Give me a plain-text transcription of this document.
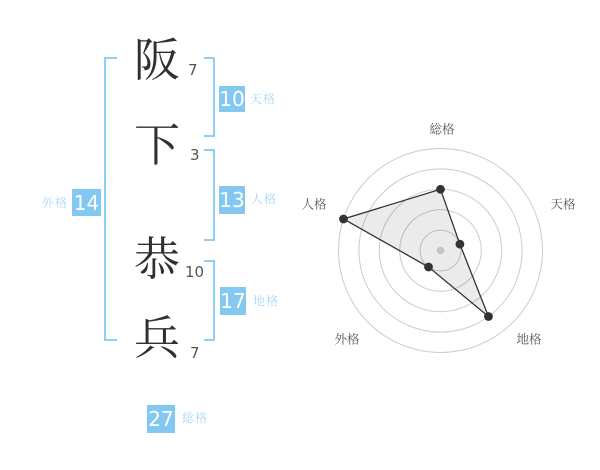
阪
下
恭
兵
7
3
10
7
10
13
17
14
27
天格
人格
地格
外格
総格
総格
天格
地格
外格
人格
